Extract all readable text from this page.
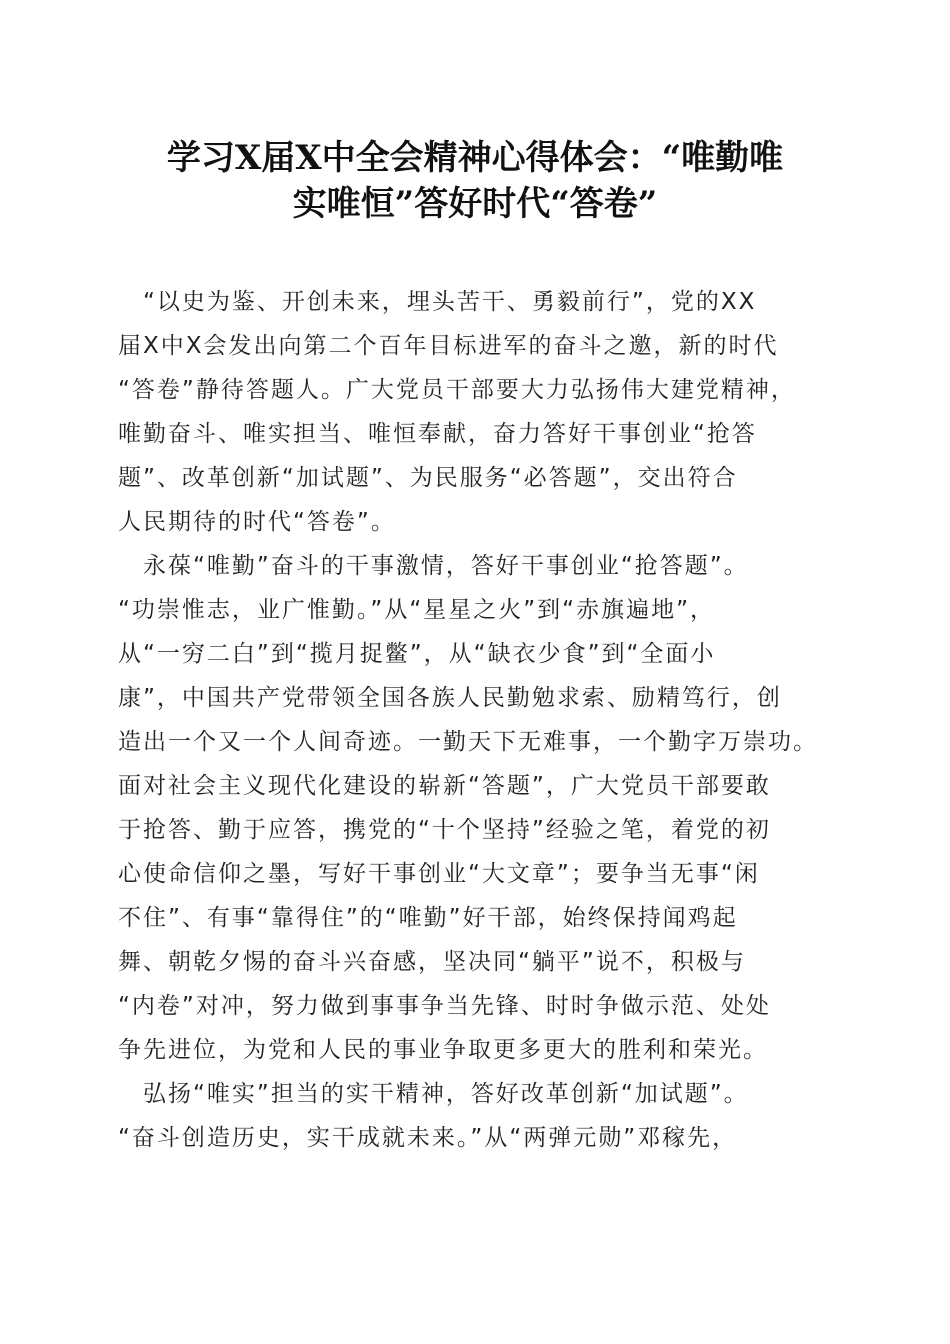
学习X届X中全会精神心得体会：“唯勤唯
实唯恒”答好时代“答卷”
　“以史为鉴、开创未来，埋头苦干、勇毅前行”，党的XX
届X中X会发出向第二个百年目标进军的奋斗之邀，新的时代
“答卷”静待答题人。广大党员干部要大力弘扬伟大建党精神，
唯勤奋斗、唯实担当、唯恒奉献，奋力答好干事创业“抢答
题”、改革创新“加试题”、为民服务“必答题”，交出符合
人民期待的时代“答卷”。
　永葆“唯勤”奋斗的干事激情，答好干事创业“抢答题”。
“功崇惟志，业广惟勤。”从“星星之火”到“赤旗遍地”，
从“一穷二白”到“揽月捉鳖”，从“缺衣少食”到“全面小
康”，中国共产党带领全国各族人民勤勉求索、励精笃行，创
造出一个又一个人间奇迹。一勤天下无难事，一个勤字万崇功。
面对社会主义现代化建设的崭新“答题”，广大党员干部要敢
于抢答、勤于应答，携党的“十个坚持”经验之笔，着党的初
心使命信仰之墨，写好干事创业“大文章”；要争当无事“闲
不住”、有事“靠得住”的“唯勤”好干部，始终保持闻鸡起
舞、朝乾夕惕的奋斗兴奋感，坚决同“躺平”说不，积极与
“内卷”对冲，努力做到事事争当先锋、时时争做示范、处处
争先进位，为党和人民的事业争取更多更大的胜利和荣光。
　弘扬“唯实”担当的实干精神，答好改革创新“加试题”。
“奋斗创造历史，实干成就未来。”从“两弹元勋”邓稼先，
